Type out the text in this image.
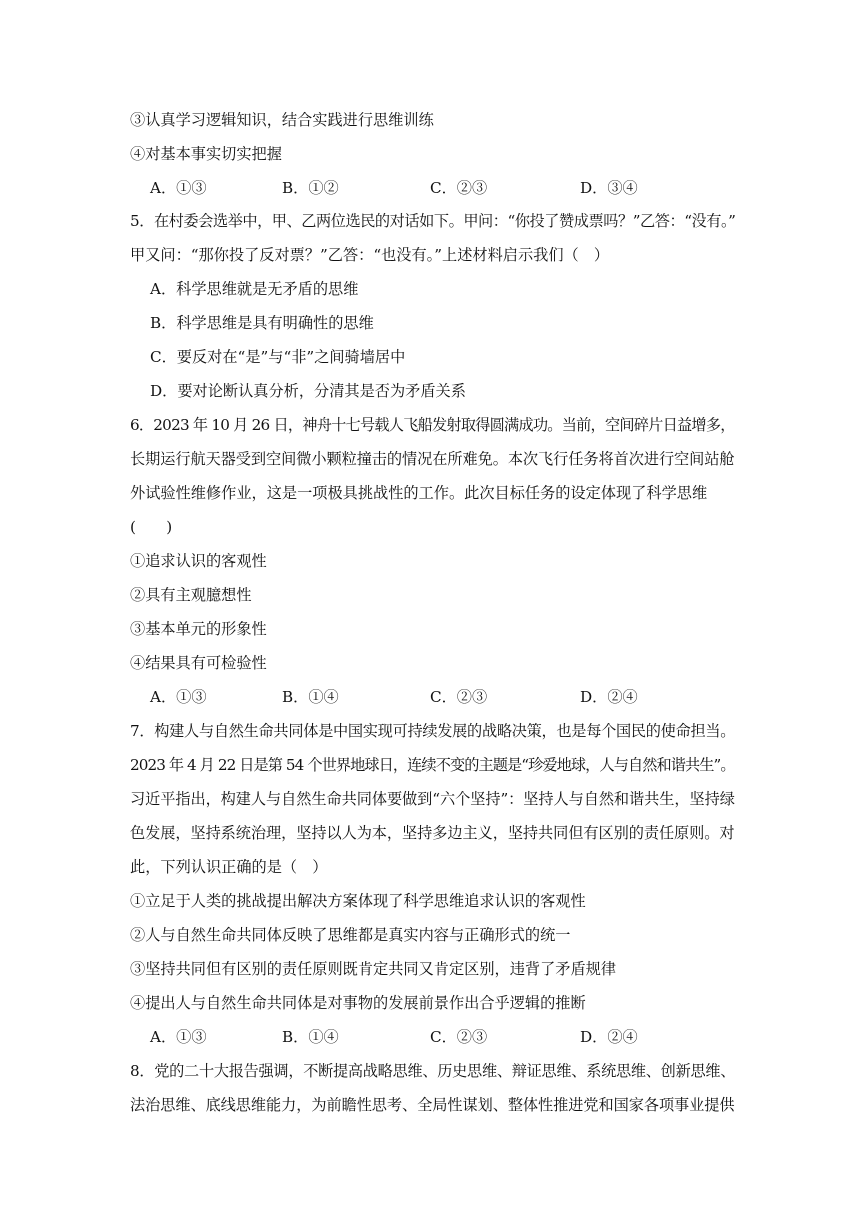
③认真学习逻辑知识，结合实践进行思维训练
④对基本事实切实把握
A．①③	B．①②	C．②③	D．③④
5．在村委会选举中，甲、乙两位选民的对话如下。甲问：“你投了赞成票吗？”乙答：“没有。”
甲又问：“那你投了反对票？”乙答：“也没有。”上述材料启示我们（　）
A．科学思维就是无矛盾的思维
B．科学思维是具有明确性的思维
C．要反对在“是”与“非”之间骑墙居中
D．要对论断认真分析，分清其是否为矛盾关系
6．2023 年 10 月 26 日，神舟十七号载人飞船发射取得圆满成功。当前，空间碎片日益增多，
长期运行航天器受到空间微小颗粒撞击的情况在所难免。本次飞行任务将首次进行空间站舱
外试验性维修作业，这是一项极具挑战性的工作。此次目标任务的设定体现了科学思维
(　　)
①追求认识的客观性
②具有主观臆想性
③基本单元的形象性
④结果具有可检验性
A．①③	B．①④	C．②③	D．②④
7．构建人与自然生命共同体是中国实现可持续发展的战略决策，也是每个国民的使命担当。
2023 年 4 月 22 日是第 54 个世界地球日，连续不变的主题是“珍爱地球，人与自然和谐共生”。
习近平指出，构建人与自然生命共同体要做到“六个坚持”：坚持人与自然和谐共生，坚持绿
色发展，坚持系统治理，坚持以人为本，坚持多边主义，坚持共同但有区别的责任原则。对
此，下列认识正确的是（　）
①立足于人类的挑战提出解决方案体现了科学思维追求认识的客观性
②人与自然生命共同体反映了思维都是真实内容与正确形式的统一
③坚持共同但有区别的责任原则既肯定共同又肯定区别，违背了矛盾规律
④提出人与自然生命共同体是对事物的发展前景作出合乎逻辑的推断
A．①③	B．①④	C．②③	D．②④
8．党的二十大报告强调，不断提高战略思维、历史思维、辩证思维、系统思维、创新思维、
法治思维、底线思维能力，为前瞻性思考、全局性谋划、整体性推进党和国家各项事业提供
